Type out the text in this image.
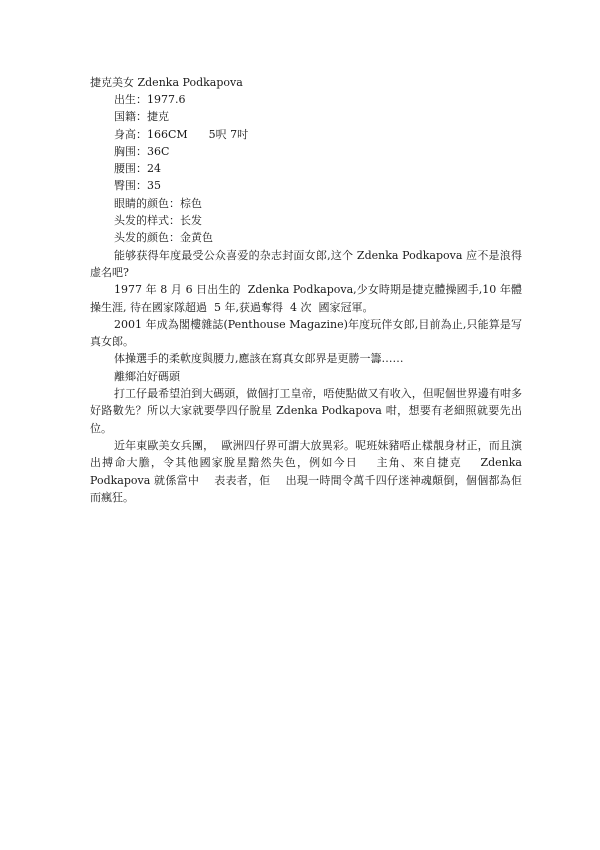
捷克美女 Zdenka Podkapova

出生：1977.6
国籍：捷克
身高：166CM      5呎 7吋
胸围：36C
腰围：24
臀围：35
眼睛的颜色：棕色
头发的样式：长发
头发的颜色：金黄色

能够获得年度最受公众喜爱的杂志封面女郎,这个 Zdenka Podkapova 应不是浪得虚名吧?

1977 年 8 月 6 日出生的  Zdenka Podkapova,少女時期是捷克體操國手,10 年體操生涯, 待在國家隊超過  5 年,获過奪得  4 次  國家冠軍。

2001 年成為閣樓雜誌(Penthouse Magazine)年度玩伴女郎,目前為止,只能算是写真女郎。

体操選手的柔軟度與腰力,應該在寫真女郎界是更勝一籌……

離鄉泊好碼頭

打工仔最希望泊到大碼頭，做個打工皇帝，唔使點做又有收入，但呢個世界邊有咁多好路數先？所以大家就要學四仔脫星 Zdenka Podkapova 咁，想要有老細照就要先出位。

近年東歐美女兵團，  歐洲四仔界可謂大放異彩。呢班妹豬唔止樣靚身材正，而且演出搏命大膽，令其他國家脫星黯然失色，例如今日    主角、來自捷克    Zdenka Podkapova 就係當中    表表者，佢    出現一時間令萬千四仔迷神魂顛倒，個個都為佢而瘋狂。
